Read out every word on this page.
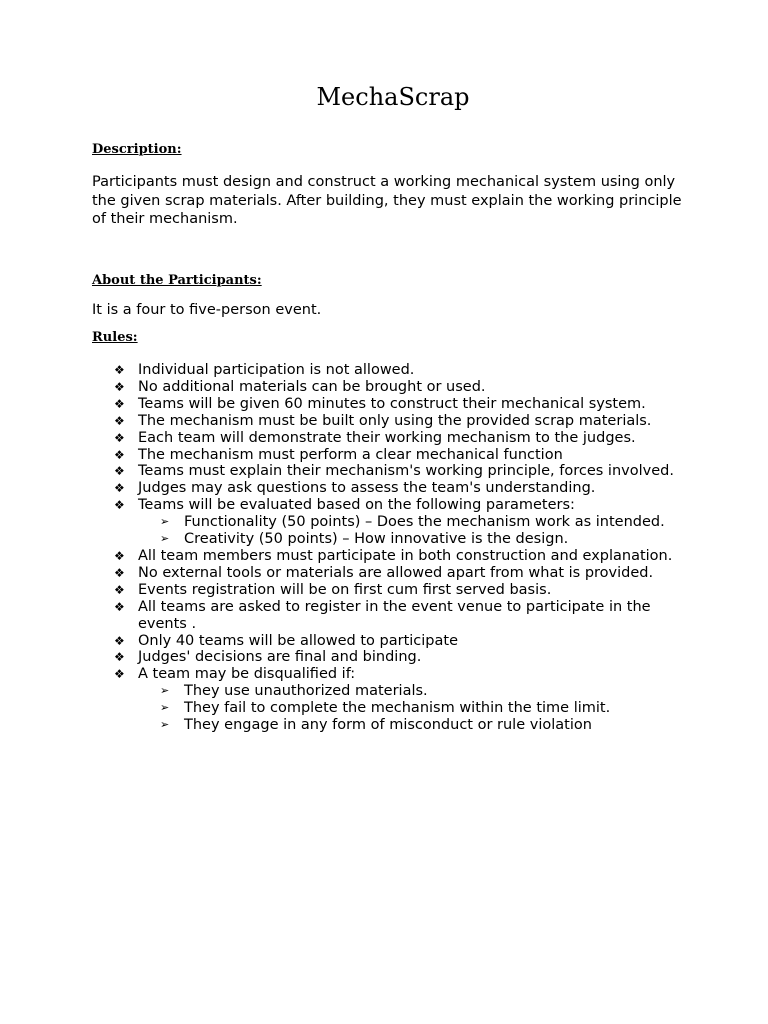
MechaScrap

Description:

Participants must design and construct a working mechanical system using only the given scrap materials. After building, they must explain the working principle of their mechanism.

About the Participants:

It is a four to five-person event.

Rules:

❖ Individual participation is not allowed.
❖ No additional materials can be brought or used.
❖ Teams will be given 60 minutes to construct their mechanical system.
❖ The mechanism must be built only using the provided scrap materials.
❖ Each team will demonstrate their working mechanism to the judges.
❖ The mechanism must perform a clear mechanical function
❖ Teams must explain their mechanism's working principle, forces involved.
❖ Judges may ask questions to assess the team's understanding.
❖ Teams will be evaluated based on the following parameters:
➢ Functionality (50 points) – Does the mechanism work as intended.
➢ Creativity (50 points) – How innovative is the design.
❖ All team members must participate in both construction and explanation.
❖ No external tools or materials are allowed apart from what is provided.
❖ Events registration will be on first cum first served basis.
❖ All teams are asked to register in the event venue to participate in the events .
❖ Only 40 teams will be allowed to participate
❖ Judges' decisions are final and binding.
❖ A team may be disqualified if:
➢ They use unauthorized materials.
➢ They fail to complete the mechanism within the time limit.
➢ They engage in any form of misconduct or rule violation
